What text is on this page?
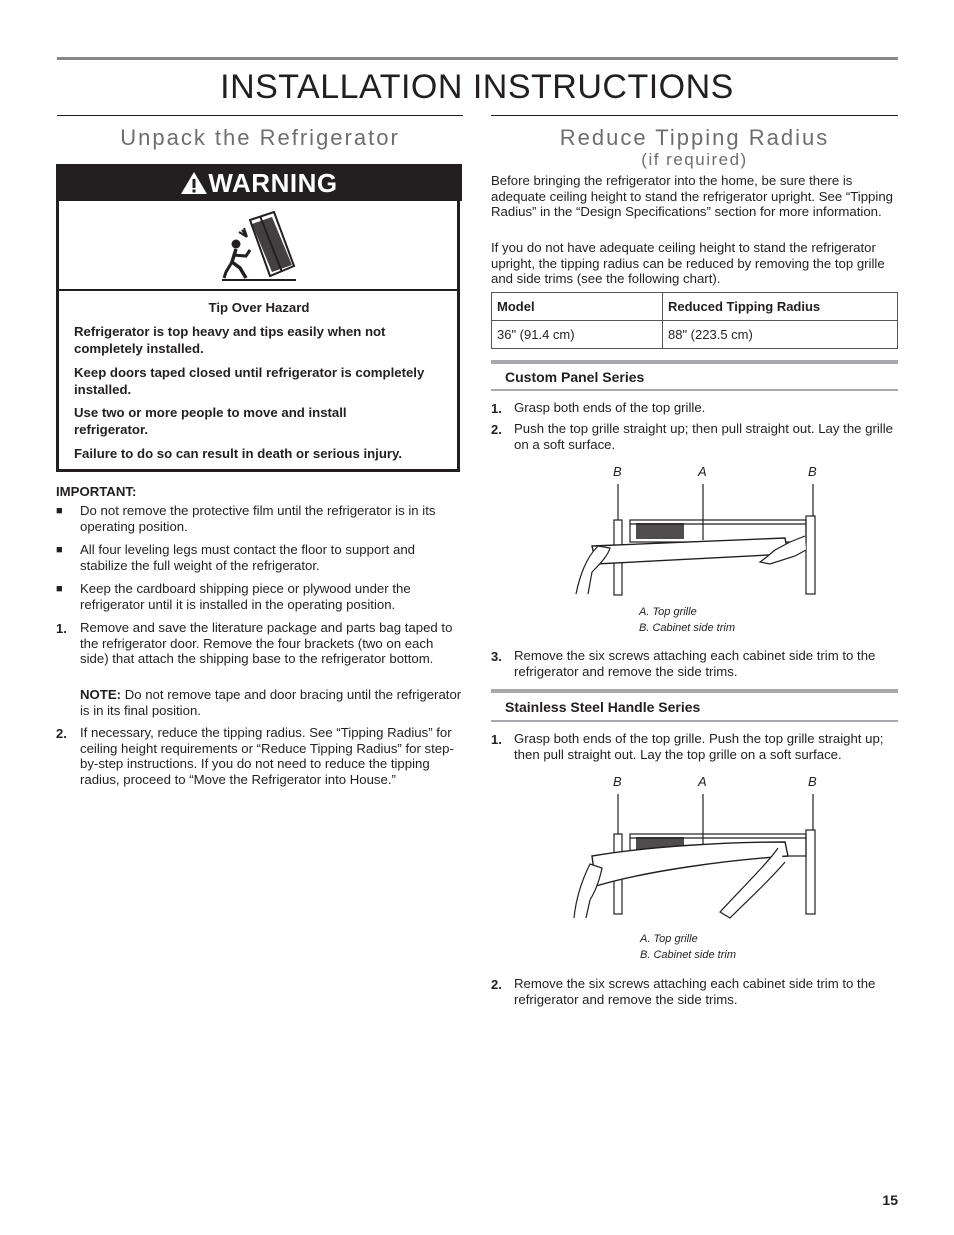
INSTALLATION INSTRUCTIONS
Unpack the Refrigerator
WARNING
Tip Over Hazard
Refrigerator is top heavy and tips easily when not completely installed.
Keep doors taped closed until refrigerator is completely installed.
Use two or more people to move and install refrigerator.
Failure to do so can result in death or serious injury.
IMPORTANT:
■ Do not remove the protective film until the refrigerator is in its operating position.
■ All four leveling legs must contact the floor to support and stabilize the full weight of the refrigerator.
■ Keep the cardboard shipping piece or plywood under the refrigerator until it is installed in the operating position.
1. Remove and save the literature package and parts bag taped to the refrigerator door. Remove the four brackets (two on each side) that attach the shipping base to the refrigerator bottom.
NOTE: Do not remove tape and door bracing until the refrigerator is in its final position.
2. If necessary, reduce the tipping radius. See “Tipping Radius” for ceiling height requirements or “Reduce Tipping Radius” for step-by-step instructions. If you do not need to reduce the tipping radius, proceed to “Move the Refrigerator into House.”
Reduce Tipping Radius
(if required)
Before bringing the refrigerator into the home, be sure there is adequate ceiling height to stand the refrigerator upright. See “Tipping Radius” in the “Design Specifications” section for more information.
If you do not have adequate ceiling height to stand the refrigerator upright, the tipping radius can be reduced by removing the top grille and side trims (see the following chart).
Model	Reduced Tipping Radius
36" (91.4 cm)	88" (223.5 cm)
Custom Panel Series
1. Grasp both ends of the top grille.
2. Push the top grille straight up; then pull straight out. Lay the grille on a soft surface.
B	A	B
A. Top grille
B. Cabinet side trim
3. Remove the six screws attaching each cabinet side trim to the refrigerator and remove the side trims.
Stainless Steel Handle Series
1. Grasp both ends of the top grille. Push the top grille straight up; then pull straight out. Lay the top grille on a soft surface.
B	A	B
A. Top grille
B. Cabinet side trim
2. Remove the six screws attaching each cabinet side trim to the refrigerator and remove the side trims.
15
